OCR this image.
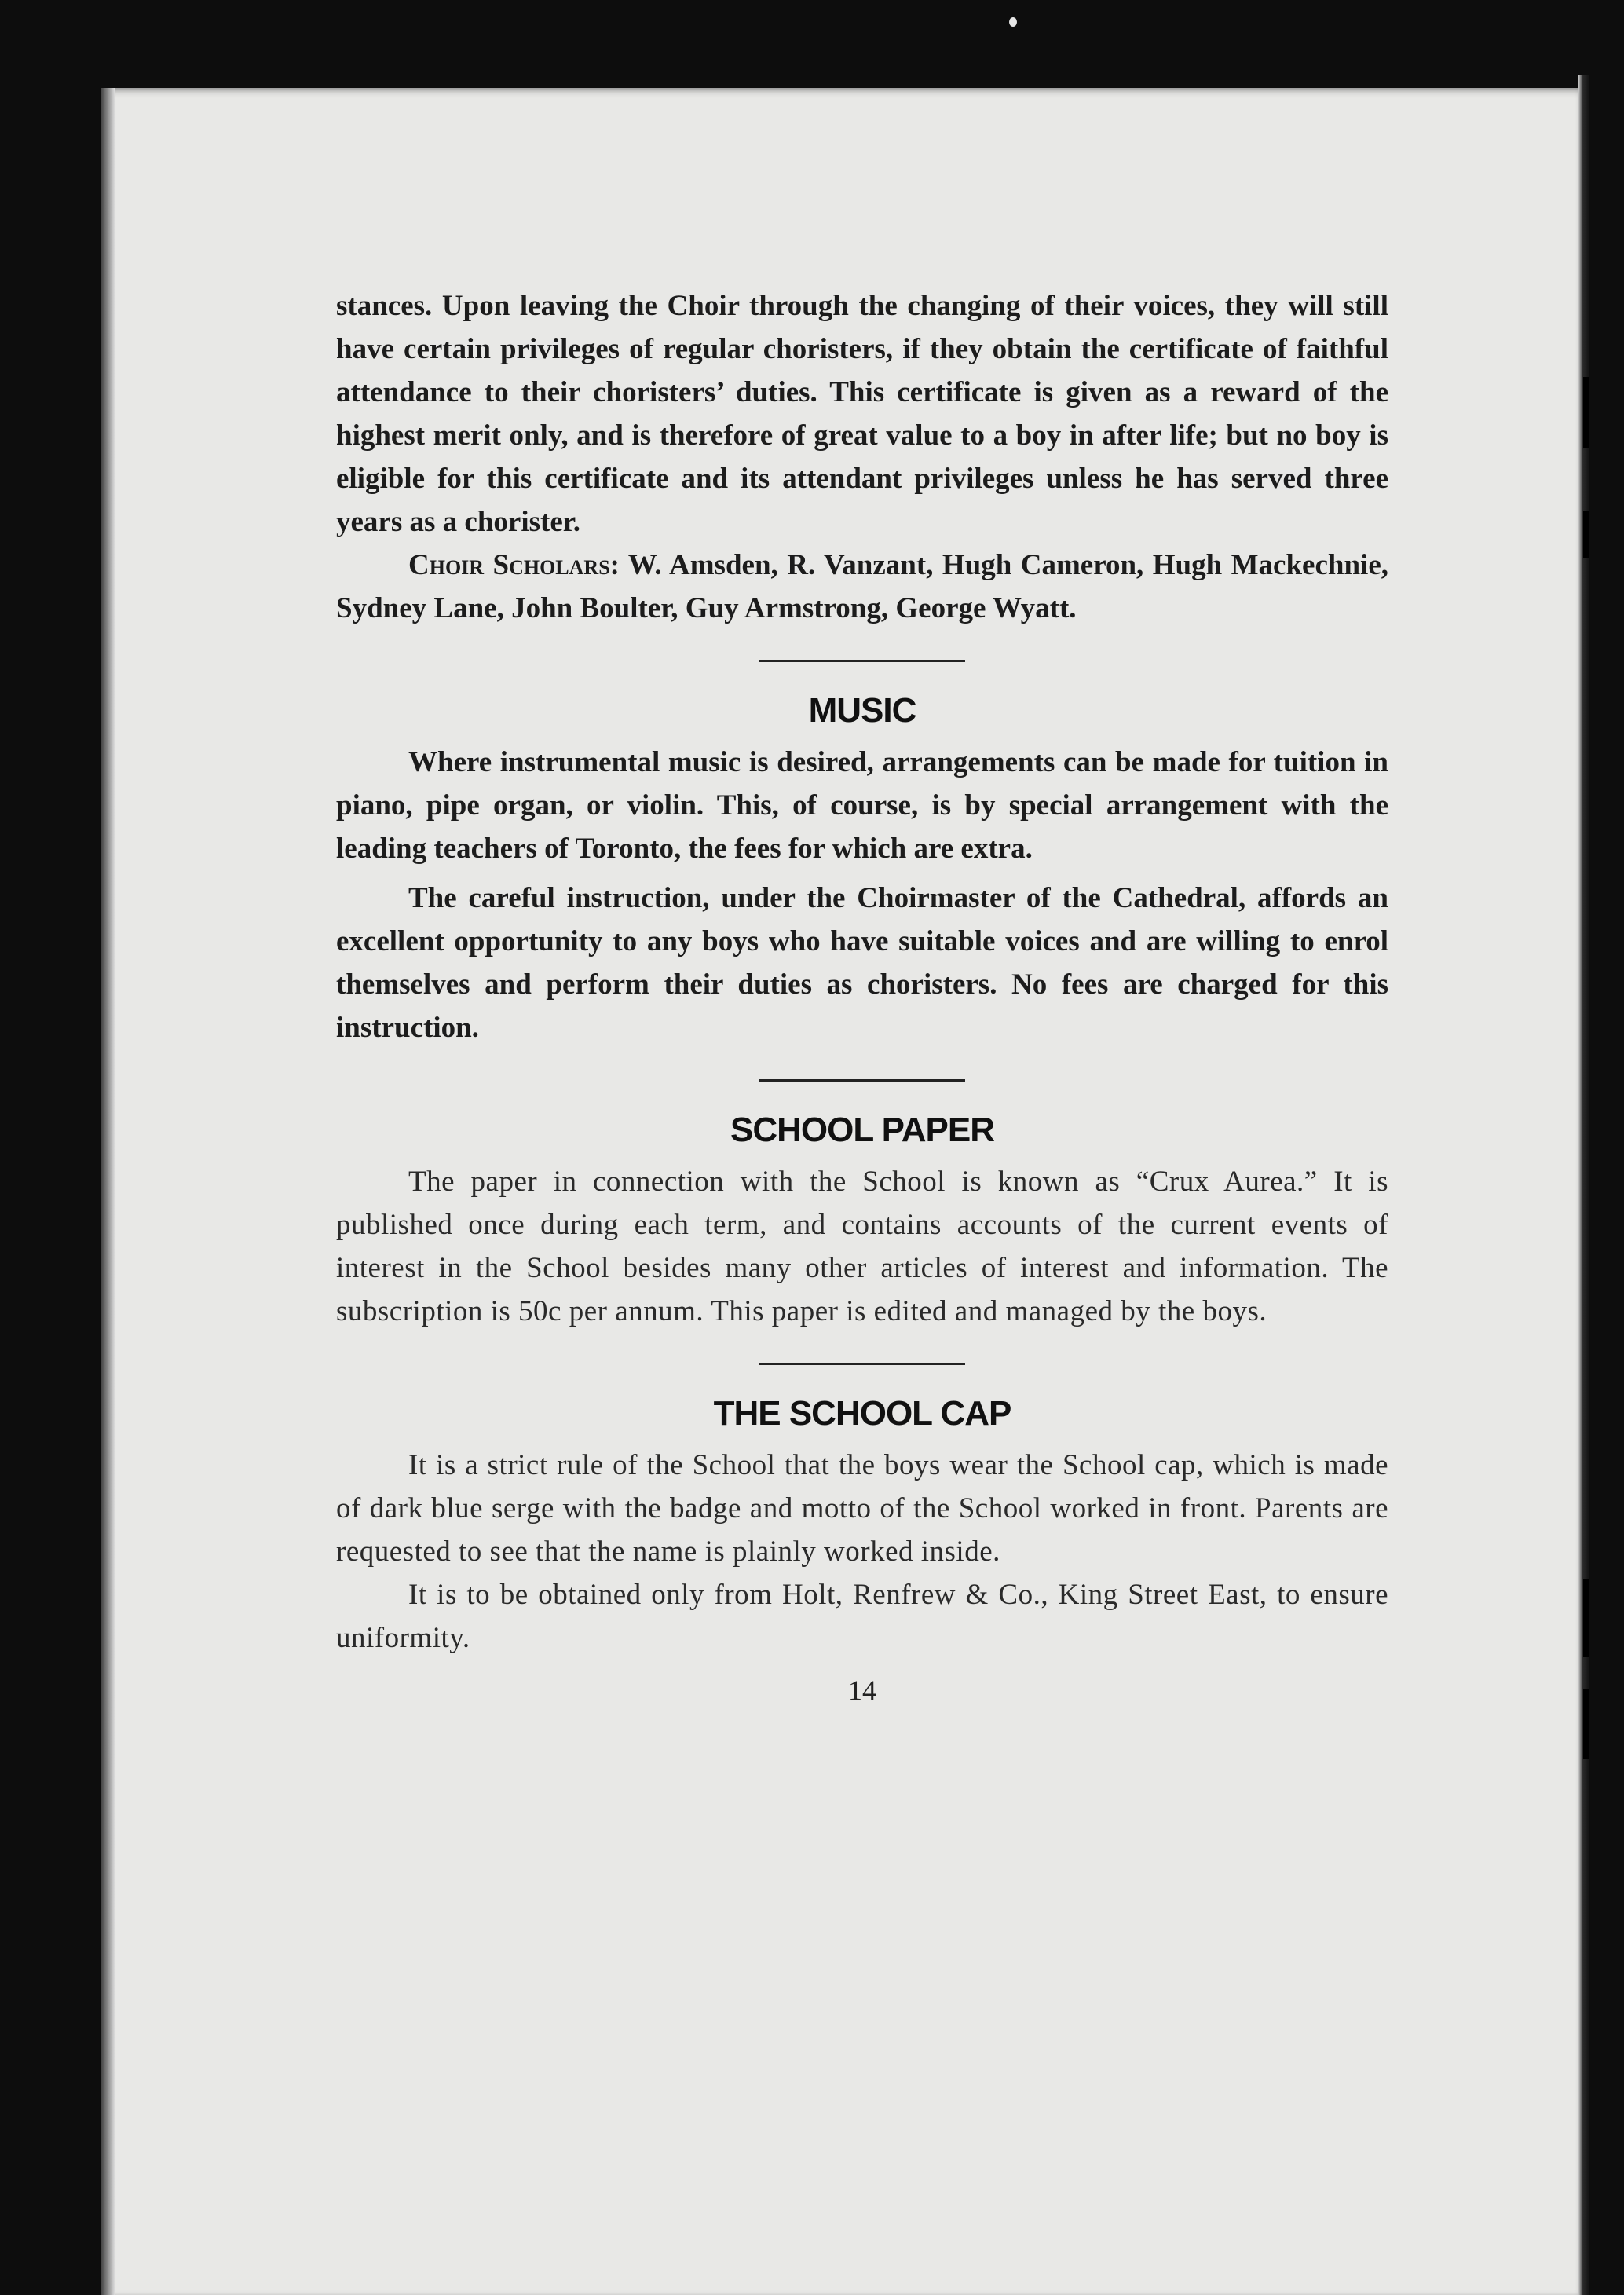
stances. Upon leaving the Choir through the changing of their voices, they will still have certain privileges of regular choristers, if they obtain the certificate of faithful attendance to their choristers’ duties. This certificate is given as a reward of the highest merit only, and is therefore of great value to a boy in after life; but no boy is eligible for this certificate and its attendant privileges unless he has served three years as a chorister.

Choir Scholars: W. Amsden, R. Vanzant, Hugh Cameron, Hugh Mackechnie, Sydney Lane, John Boulter, Guy Armstrong, George Wyatt.

MUSIC

Where instrumental music is desired, arrangements can be made for tuition in piano, pipe organ, or violin. This, of course, is by special arrangement with the leading teachers of Toronto, the fees for which are extra.

The careful instruction, under the Choirmaster of the Cathedral, affords an excellent opportunity to any boys who have suitable voices and are willing to enrol themselves and perform their duties as choristers. No fees are charged for this instruction.

SCHOOL PAPER

The paper in connection with the School is known as “Crux Aurea.” It is published once during each term, and contains accounts of the current events of interest in the School besides many other articles of interest and information. The subscription is 50c per annum. This paper is edited and managed by the boys.

THE SCHOOL CAP

It is a strict rule of the School that the boys wear the School cap, which is made of dark blue serge with the badge and motto of the School worked in front. Parents are requested to see that the name is plainly worked inside.

It is to be obtained only from Holt, Renfrew & Co., King Street East, to ensure uniformity.

14
